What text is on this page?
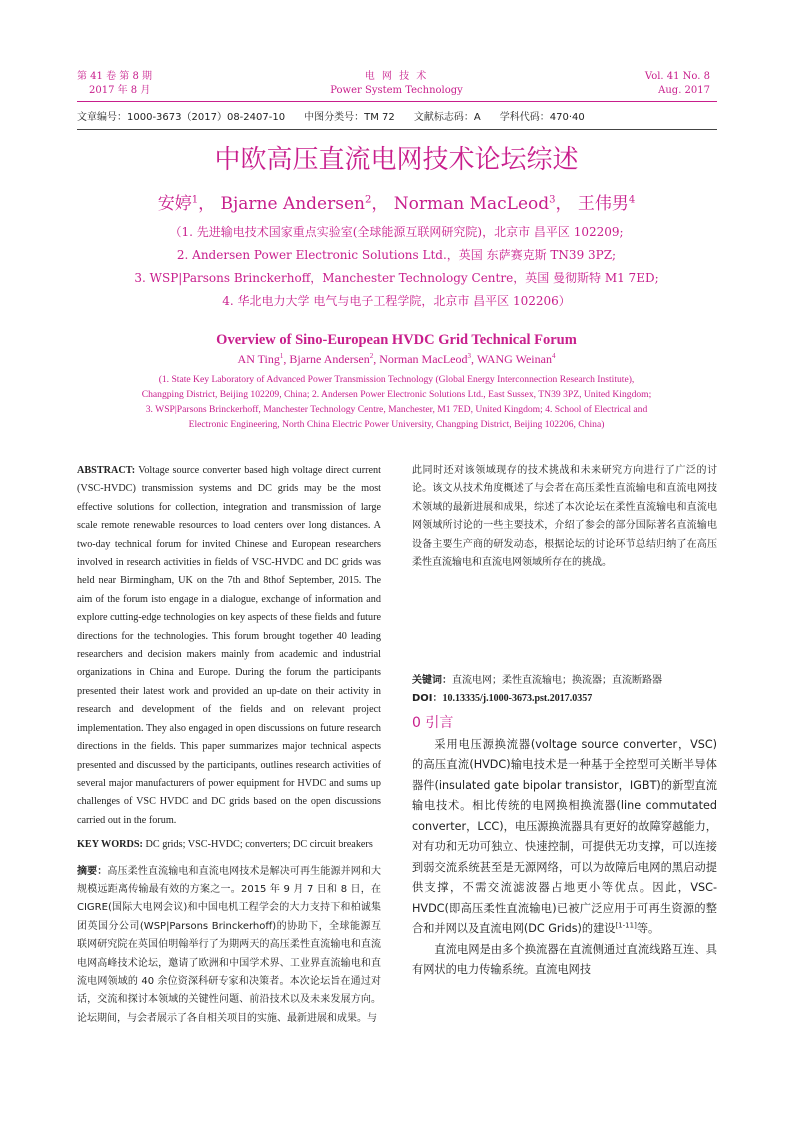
第 41 卷 第 8 期
2017 年 8 月
电 网 技 术
Power System Technology
Vol. 41 No. 8
Aug. 2017
文章编号：1000-3673（2017）08-2407-10      中图分类号：TM 72      文献标志码：A      学科代码：470·40
中欧高压直流电网技术论坛综述
安婷$^1$， Bjarne Andersen$^2$， Norman MacLeod$^3$， 王伟男$^4$
（1. 先进输电技术国家重点实验室(全球能源互联网研究院)，北京市 昌平区 102209;
2. Andersen Power Electronic Solutions Ltd.，英国 东萨赛克斯 TN39 3PZ;
3. WSP|Parsons Brinckerhoff，Manchester Technology Centre，英国 曼彻斯特 M1 7ED;
4. 华北电力大学 电气与电子工程学院，北京市 昌平区 102206）
Overview of Sino-European HVDC Grid Technical Forum
AN Ting$^1$, Bjarne Andersen$^2$, Norman MacLeod$^3$, WANG Weinan$^4$
(1. State Key Laboratory of Advanced Power Transmission Technology (Global Energy Interconnection Research Institute),
Changping District, Beijing 102209, China; 2. Andersen Power Electronic Solutions Ltd., East Sussex, TN39 3PZ, United Kingdom;
3. WSP|Parsons Brinckerhoff, Manchester Technology Centre, Manchester, M1 7ED, United Kingdom; 4. School of Electrical and
Electronic Engineering, North China Electric Power University, Changping District, Beijing 102206, China)

ABSTRACT: Voltage source converter based high voltage direct current (VSC-HVDC) transmission systems and DC grids may be the most effective solutions for collection, integration and transmission of large scale remote renewable resources to load centers over long distances. A two-day technical forum for invited Chinese and European researchers involved in research activities in fields of VSC-HVDC and DC grids was held near Birmingham, UK on the 7th and 8thof September, 2015. The aim of the forum isto engage in a dialogue, exchange of information and explore cutting-edge technologies on key aspects of these fields and future directions for the technologies. This forum brought together 40 leading researchers and decision makers mainly from academic and industrial organizations in China and Europe. During the forum the participants presented their latest work and provided an up-date on their activity in research and development of the fields and on relevant project implementation. They also engaged in open discussions on future research directions in the fields. This paper summarizes major technical aspects presented and discussed by the participants, outlines research activities of several major manufacturers of power equipment for HVDC and sums up challenges of VSC HVDC and DC grids based on the open discussions carried out in the forum.

KEY WORDS: DC grids; VSC-HVDC; converters; DC circuit breakers

摘要：高压柔性直流输电和直流电网技术是解决可再生能源并网和大规模远距离传输最有效的方案之一。2015 年 9 月 7 日和 8 日，在 CIGRE(国际大电网会议)和中国电机工程学会的大力支持下和柏诚集团英国分公司(WSP|Parsons Brinckerhoff)的协助下，全球能源互联网研究院在英国伯明翰举行了为期两天的高压柔性直流输电和直流电网高峰技术论坛，邀请了欧洲和中国学术界、工业界直流输电和直流电网领域的 40 余位资深科研专家和决策者。本次论坛旨在通过对话，交流和探讨本领域的关键性问题、前沿技术以及未来发展方向。论坛期间，与会者展示了各自相关项目的实施、最新进展和成果。与

此同时还对该领域现存的技术挑战和未来研究方向进行了广泛的讨论。该文从技术角度概述了与会者在高压柔性直流输电和直流电网技术领域的最新进展和成果，综述了本次论坛在柔性直流输电和直流电网领域所讨论的一些主要技术，介绍了参会的部分国际著名直流输电设备主要生产商的研发动态，根据论坛的讨论环节总结归纳了在高压柔性直流输电和直流电网领域所存在的挑战。

关键词：直流电网；柔性直流输电；换流器；直流断路器

DOI：10.13335/j.1000-3673.pst.2017.0357

0 引言

采用电压源换流器(voltage source converter，VSC)的高压直流(HVDC)输电技术是一种基于全控型可关断半导体器件(insulated gate bipolar transistor，IGBT)的新型直流输电技术。相比传统的电网换相换流器(line commutated converter，LCC)，电压源换流器具有更好的故障穿越能力，对有功和无功可独立、快速控制，可提供无功支撑，可以连接到弱交流系统甚至是无源网络，可以为故障后电网的黑启动提供支撑，不需交流滤波器占地更小等优点。因此，VSC-HVDC(即高压柔性直流输电)已被广泛应用于可再生资源的整合和并网以及直流电网(DC Grids)的建设[1-11]等。

直流电网是由多个换流器在直流侧通过直流线路互连、具有网状的电力传输系统。直流电网技
